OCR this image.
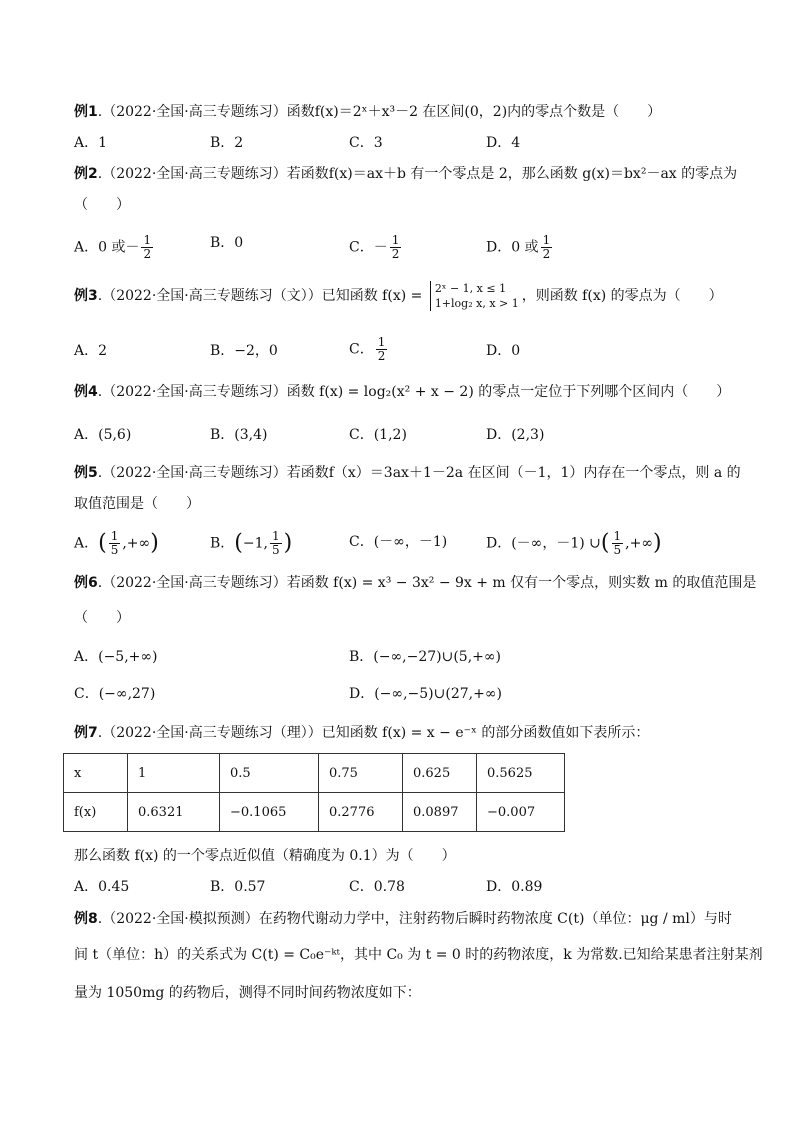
例1.（2022·全国·高三专题练习）函数f(x)＝2ˣ＋x³－2 在区间(0，2)内的零点个数是（　　）
A．1	B．2	C．3	D．4
例2.（2022·全国·高三专题练习）若函数f(x)＝ax＋b 有一个零点是 2，那么函数 g(x)＝bx²－ax 的零点为
（　　）
A．0 或－ $\frac{1}{2}$	B．0	C．－ $\frac{1}{2}$	D．0 或 $\frac{1}{2}$
例3.（2022·全国·高三专题练习（文））已知函数 f(x) = 2ˣ − 1, x ≤ 1
1+log₂ x, x > 1 ，则函数 f(x) 的零点为（　　）
A．2	B．−2，0	C． $\frac{1}{2}$	D．0
例4.（2022·全国·高三专题练习）函数 f(x) = log₂(x² + x − 2) 的零点一定位于下列哪个区间内（　　）
A．(5,6)	B．(3,4)	C．(1,2)	D．(2,3)
例5.（2022·全国·高三专题练习）若函数f（x）＝3ax＋1－2a 在区间（－1，1）内存在一个零点，则 a 的
取值范围是（　　）
A．( $\frac{1}{5}$ ,+∞)	B．(−1, $\frac{1}{5}$ )	C．(－∞，－1)	D．(－∞，－1) ∪( $\frac{1}{5}$ ,+∞)
例6.（2022·全国·高三专题练习）若函数 f(x) = x³ − 3x² − 9x + m 仅有一个零点，则实数 m 的取值范围是
（　　）
A．(−5,+∞)	B．(−∞,−27)∪(5,+∞)
C．(−∞,27)	D．(−∞,−5)∪(27,+∞)
例7.（2022·全国·高三专题练习（理））已知函数 f(x) = x − e⁻ˣ 的部分函数值如下表所示：
x	1	0.5	0.75	0.625	0.5625
f(x)	0.6321	−0.1065	0.2776	0.0897	−0.007
那么函数 f(x) 的一个零点近似值（精确度为 0.1）为（　　）
A．0.45	B．0.57	C．0.78	D．0.89
例8.（2022·全国·模拟预测）在药物代谢动力学中，注射药物后瞬时药物浓度 C(t)（单位：μg / ml）与时
间 t（单位：h）的关系式为 C(t) = C₀e⁻ᵏᵗ，其中 C₀ 为 t = 0 时的药物浓度，k 为常数.已知给某患者注射某剂
量为 1050mg 的药物后，测得不同时间药物浓度如下：
